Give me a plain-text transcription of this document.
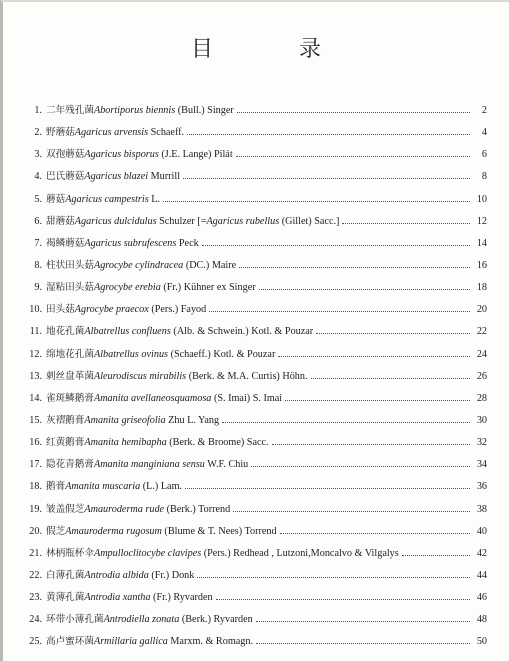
目　录
1. 二年残孔菌Abortiporus biennis (Bull.) Singer	2
2. 野蘑菇Agaricus arvensis Schaeff.	4
3. 双孢蘑菇Agaricus bisporus (J.E. Lange) Pilát	6
4. 巴氏蘑菇Agaricus blazei Murrill	8
5. 蘑菇Agaricus campestris L.	10
6. 甜蘑菇Agaricus dulcidulus Schulzer [=Agaricus rubellus (Gillet) Sacc.]	12
7. 褐鳞蘑菇Agaricus subrufescens Peck	14
8. 柱状田头菇Agrocybe cylindracea (DC.) Maire	16
9. 湿粘田头菇Agrocybe erebia (Fr.) Kühner ex Singer	18
10. 田头菇Agrocybe praecox (Pers.) Fayod	20
11. 地花孔菌Albatrellus confluens (Alb. & Schwein.) Kotl. & Pouzar	22
12. 绵地花孔菌Albatrellus ovinus (Schaeff.) Kotl. & Pouzar	24
13. 刺丝盘革菌Aleurodiscus mirabilis (Berk. & M.A. Curtis) Höhn.	26
14. 雀斑鳞鹅膏Amanita avellaneosquamosa (S. Imai) S. Imai	28
15. 灰褶鹅膏Amanita griseofolia Zhu L. Yang	30
16. 红黄鹅膏Amanita hemibapha (Berk. & Broome) Sacc.	32
17. 隐花青鹅膏Amanita manginiana sensu W.F. Chiu	34
18. 鹅膏Amanita muscaria (L.) Lam.	36
19. 皱盖假芝Amauroderma rude (Berk.) Torrend	38
20. 假芝Amauroderma rugosum (Blume & T. Nees) Torrend	40
21. 林柄瓶杯伞Ampulloclitocybe clavipes (Pers.) Redhead , Lutzoni,Moncalvo & Vilgalys	42
22. 白薄孔菌Antrodia albida (Fr.) Donk	44
23. 黄薄孔菌Antrodia xantha (Fr.) Ryvarden	46
24. 环带小薄孔菌Antrodiella zonata (Berk.) Ryvarden	48
25. 高卢蜜环菌Armillaria gallica Marxm. & Romagn.	50
